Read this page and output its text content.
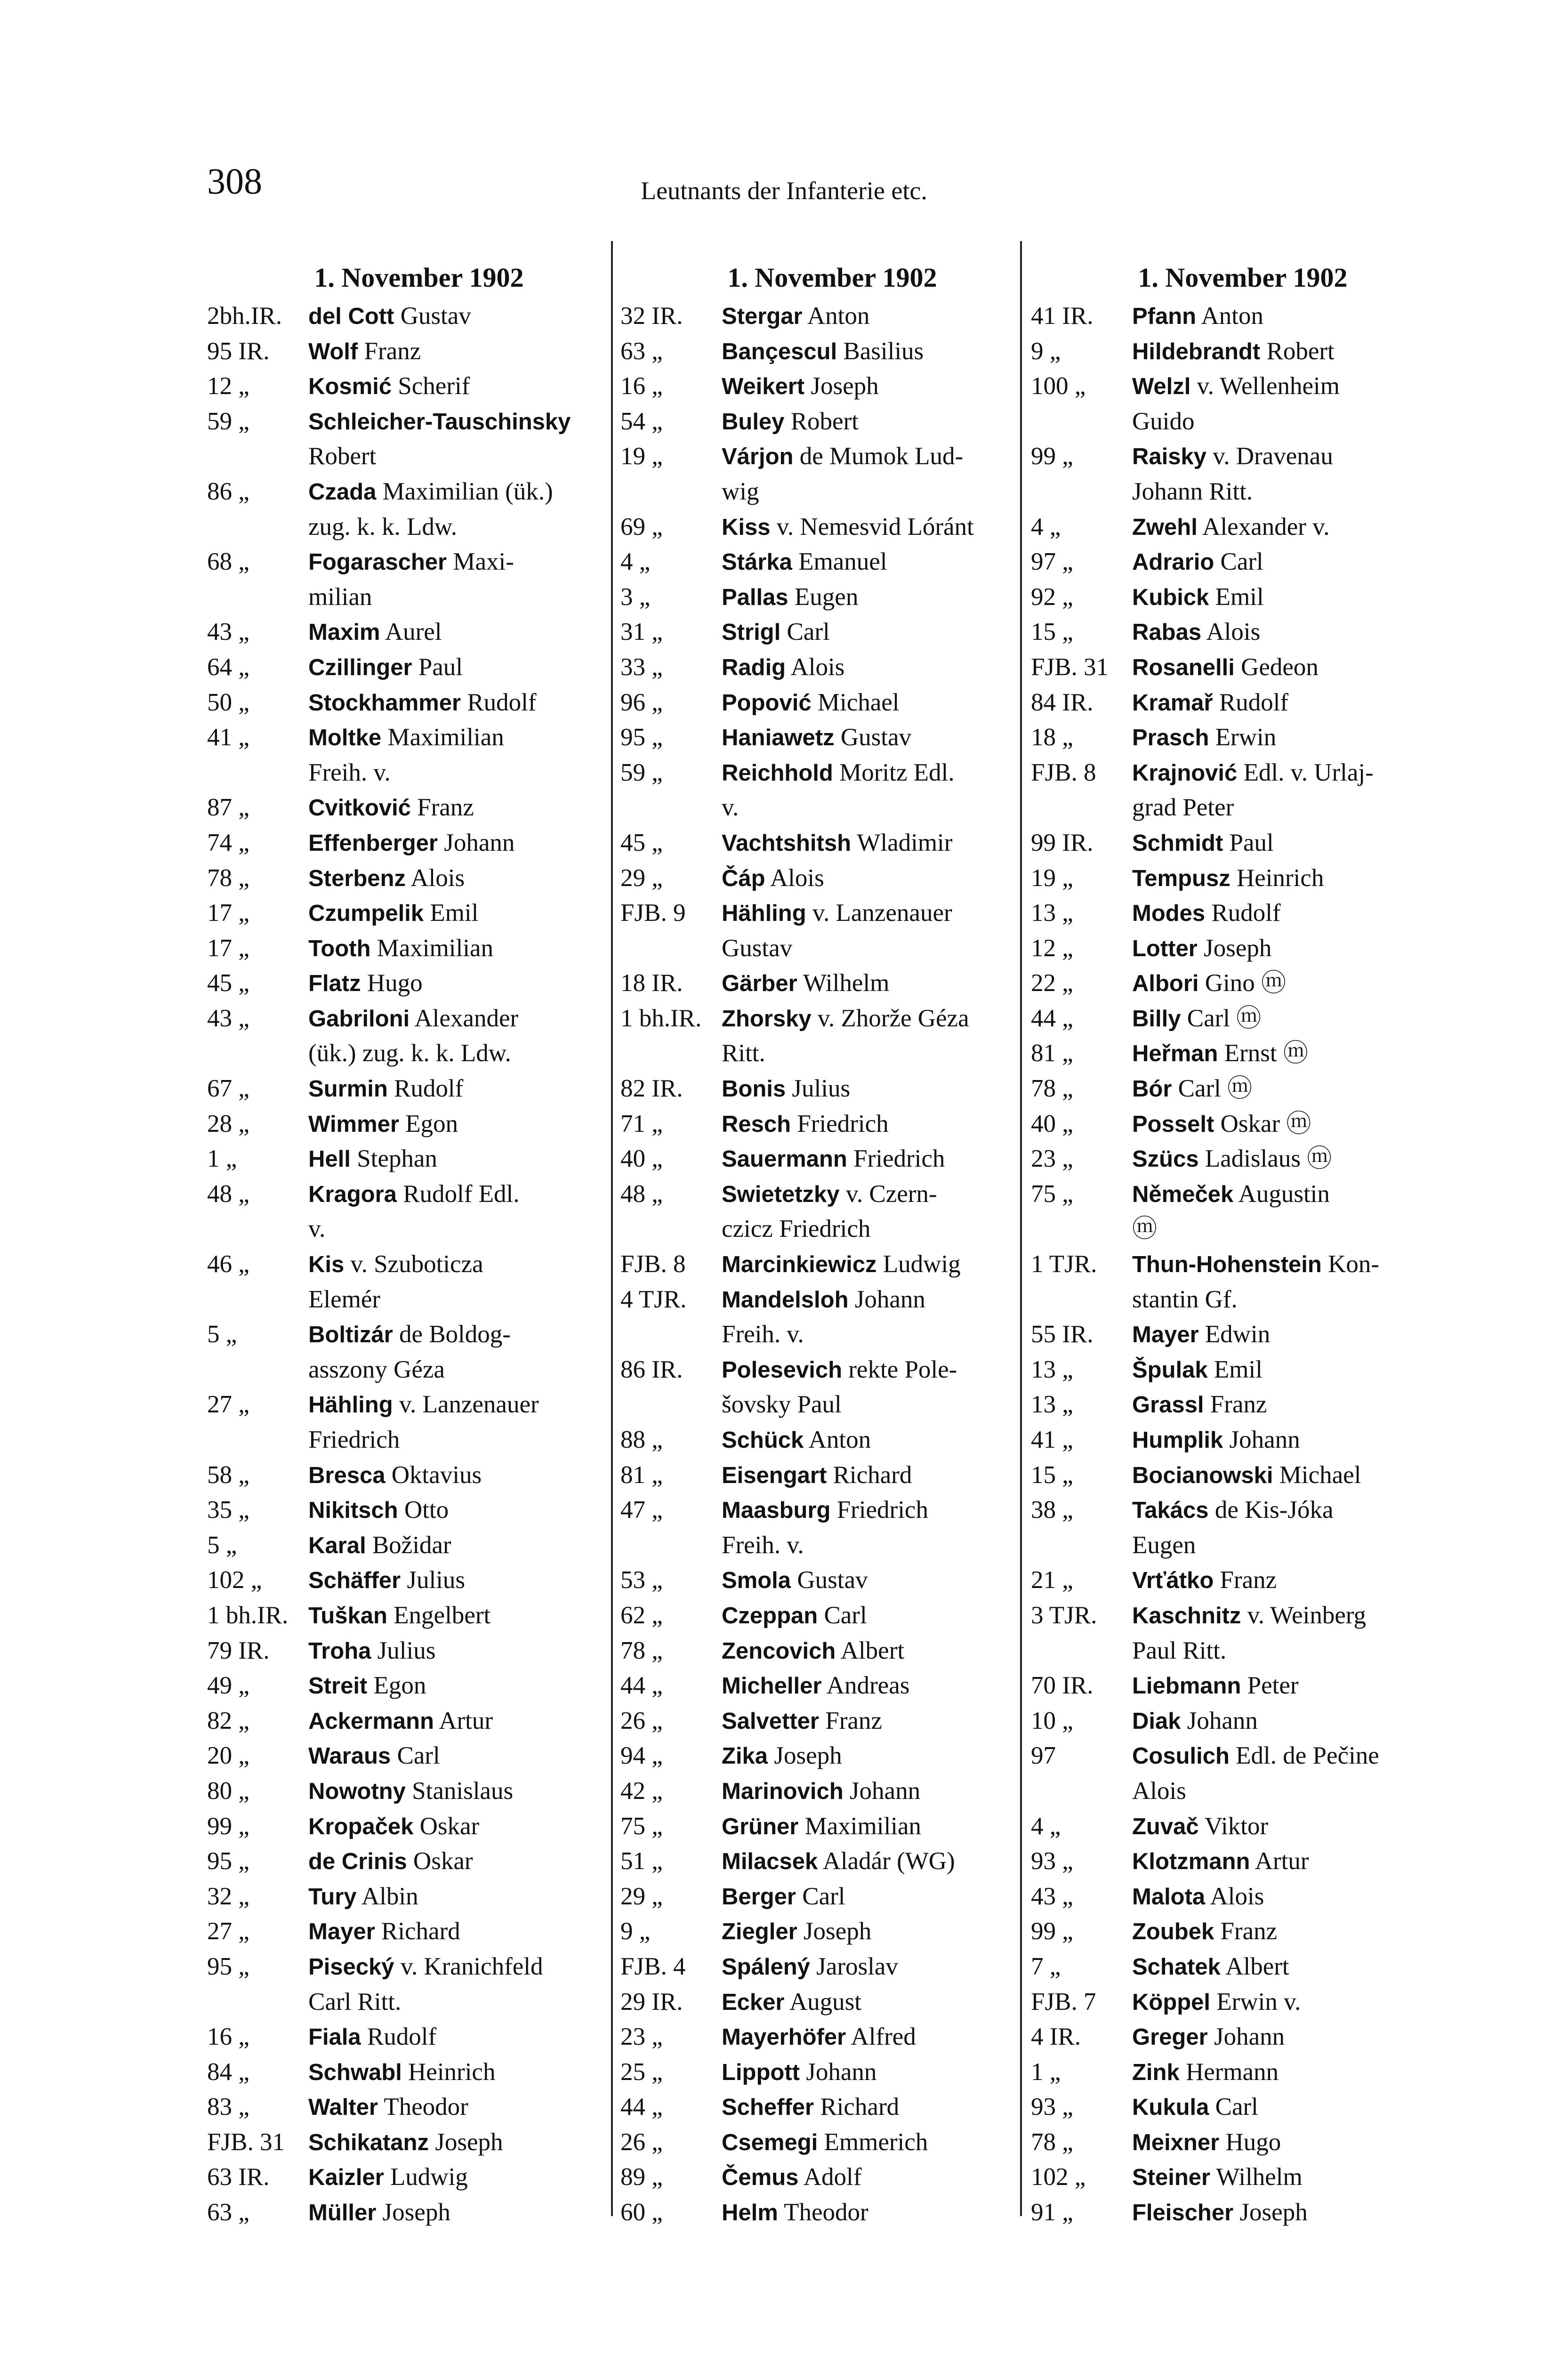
308	Leutnants der Infanterie etc.
1. November 1902
2bh.IR.	del Cott Gustav
95 IR.	Wolf Franz
12 „	Kosmić Scherif
59 „	Schleicher-Tauschinsky
Robert
86 „	Czada Maximilian (ük.)
zug. k. k. Ldw.
68 „	Fogarascher Maxi-
milian
43 „	Maxim Aurel
64 „	Czillinger Paul
50 „	Stockhammer Rudolf
41 „	Moltke Maximilian
Freih. v.
87 „	Cvitković Franz
74 „	Effenberger Johann
78 „	Sterbenz Alois
17 „	Czumpelik Emil
17 „	Tooth Maximilian
45 „	Flatz Hugo
43 „	Gabriloni Alexander
(ük.) zug. k. k. Ldw.
67 „	Surmin Rudolf
28 „	Wimmer Egon
1 „	Hell Stephan
48 „	Kragora Rudolf Edl.
v.
46 „	Kis v. Szuboticza
Elemér
5 „	Boltizár de Boldog-
asszony Géza
27 „	Hähling v. Lanzenauer
Friedrich
58 „	Bresca Oktavius
35 „	Nikitsch Otto
5 „	Karal Božidar
102 „	Schäffer Julius
1 bh.IR. Tuškan Engelbert
79 IR.	Troha Julius
49 „	Streit Egon
82 „	Ackermann Artur
20 „	Waraus Carl
80 „	Nowotny Stanislaus
99 „	Kropaček Oskar
95 „	de Crinis Oskar
32 „	Tury Albin
27 „	Mayer Richard
95 „	Pisecký v. Kranichfeld
Carl Ritt.
16 „	Fiala Rudolf
84 „	Schwabl Heinrich
83 „	Walter Theodor
FJB. 31	Schikatanz Joseph
63 IR.	Kaizler Ludwig
63 „	Müller Joseph
1. November 1902
32 IR.	Stergar Anton
63 „	Bançescul Basilius
16 „	Weikert Joseph
54 „	Buley Robert
19 „	Várjon de Mumok Lud-
wig
69 „	Kiss v. Nemesvid Lóránt
4 „	Stárka Emanuel
3 „	Pallas Eugen
31 „	Strigl Carl
33 „	Radig Alois
96 „	Popović Michael
95 „	Haniawetz Gustav
59 „	Reichhold Moritz Edl.
v.
45 „	Vachtshitsh Wladimir
29 „	Čáp Alois
FJB. 9	Hähling v. Lanzenauer
Gustav
18 IR.	Gärber Wilhelm
1 bh.IR. Zhorsky v. Zhorže Géza
Ritt.
82 IR.	Bonis Julius
71 „	Resch Friedrich
40 „	Sauermann Friedrich
48 „	Swietetzky v. Czern-
czicz Friedrich
FJB. 8	Marcinkiewicz Ludwig
4 TJR.	Mandelsloh Johann
Freih. v.
86 IR.	Polesevich rekte Pole-
šovsky Paul
88 „	Schück Anton
81 „	Eisengart Richard
47 „	Maasburg Friedrich
Freih. v.
53 „	Smola Gustav
62 „	Czeppan Carl
78 „	Zencovich Albert
44 „	Micheller Andreas
26 „	Salvetter Franz
94 „	Zika Joseph
42 „	Marinovich Johann
75 „	Grüner Maximilian
51 „	Milacsek Aladár (WG)
29 „	Berger Carl
9 „	Ziegler Joseph
FJB. 4	Spálený Jaroslav
29 IR.	Ecker August
23 „	Mayerhöfer Alfred
25 „	Lippott Johann
44 „	Scheffer Richard
26 „	Csemegi Emmerich
89 „	Čemus Adolf
60 „	Helm Theodor
1. November 1902
41 IR.	Pfann Anton
9 „	Hildebrandt Robert
100 „	Welzl v. Wellenheim
Guido
99 „	Raisky v. Dravenau
Johann Ritt.
4 „	Zwehl Alexander v.
97 „	Adrario Carl
92 „	Kubick Emil
15 „	Rabas Alois
FJB. 31	Rosanelli Gedeon
84 IR.	Kramař Rudolf
18 „	Prasch Erwin
FJB. 8	Krajnović Edl. v. Urlaj-
grad Peter
99 IR.	Schmidt Paul
19 „	Tempusz Heinrich
13 „	Modes Rudolf
12 „	Lotter Joseph
22 „	Albori Gino ⓜ
44 „	Billy Carl ⓜ
81 „	Heřman Ernst ⓜ
78 „	Bór Carl ⓜ
40 „	Posselt Oskar ⓜ
23 „	Szücs Ladislaus ⓜ
75 „	Němeček Augustin
ⓜ
1 TJR.	Thun-Hohenstein Kon-
stantin Gf.
55 IR.	Mayer Edwin
13 „	Špulak Emil
13 „	Grassl Franz
41 „	Humplik Johann
15 „	Bocianowski Michael
38 „	Takács de Kis-Jóka
Eugen
21 „	Vrťátko Franz
3 TJR.	Kaschnitz v. Weinberg
Paul Ritt.
70 IR.	Liebmann Peter
10 „	Diak Johann
97	Cosulich Edl. de Pečine
Alois
4 „	Zuvač Viktor
93 „	Klotzmann Artur
43 „	Malota Alois
99 „	Zoubek Franz
7 „	Schatek Albert
FJB. 7	Köppel Erwin v.
4 IR.	Greger Johann
1 „	Zink Hermann
93 „	Kukula Carl
78 „	Meixner Hugo
102 „	Steiner Wilhelm
91 „	Fleischer Joseph
